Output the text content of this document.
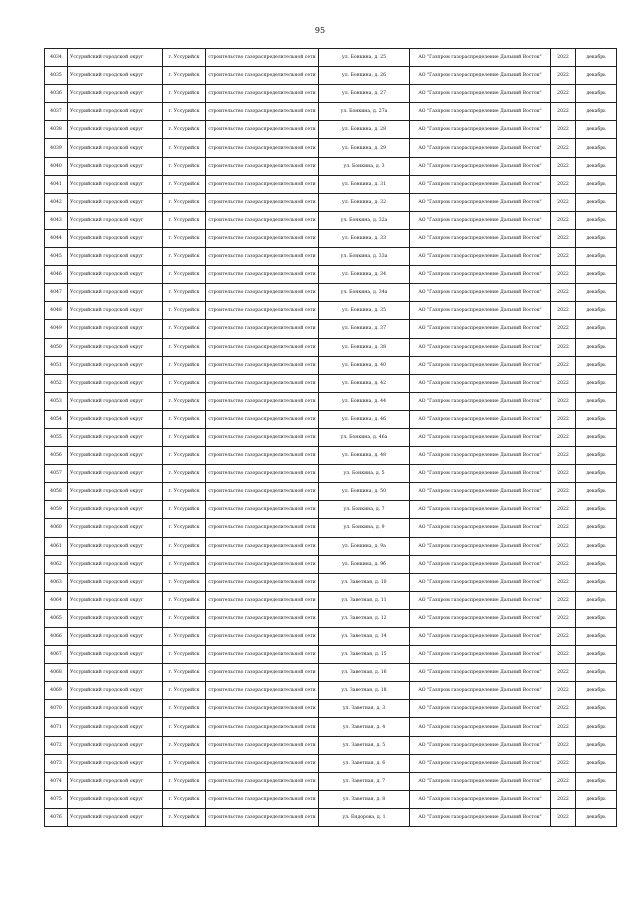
95
4034	Уссурийский городской округ	г. Уссурийск	строительство газораспределительной сети	ул. Бонкина, д. 25	АО "Газпром газораспределение Дальний Восток"	2022	декабрь
4035	Уссурийский городской округ	г. Уссурийск	строительство газораспределительной сети	ул. Бонкина, д. 26	АО "Газпром газораспределение Дальний Восток"	2022	декабрь
4036	Уссурийский городской округ	г. Уссурийск	строительство газораспределительной сети	ул. Бонкина, д. 27	АО "Газпром газораспределение Дальний Восток"	2022	декабрь
4037	Уссурийский городской округ	г. Уссурийск	строительство газораспределительной сети	ул. Бонкина, д. 27а	АО "Газпром газораспределение Дальний Восток"	2022	декабрь
4038	Уссурийский городской округ	г. Уссурийск	строительство газораспределительной сети	ул. Бонкина, д. 28	АО "Газпром газораспределение Дальний Восток"	2022	декабрь
4039	Уссурийский городской округ	г. Уссурийск	строительство газораспределительной сети	ул. Бонкина, д. 29	АО "Газпром газораспределение Дальний Восток"	2022	декабрь
4040	Уссурийский городской округ	г. Уссурийск	строительство газораспределительной сети	ул. Бонкина, д. 3	АО "Газпром газораспределение Дальний Восток"	2022	декабрь
4041	Уссурийский городской округ	г. Уссурийск	строительство газораспределительной сети	ул. Бонкина, д. 31	АО "Газпром газораспределение Дальний Восток"	2022	декабрь
4042	Уссурийский городской округ	г. Уссурийск	строительство газораспределительной сети	ул. Бонкина, д. 32	АО "Газпром газораспределение Дальний Восток"	2022	декабрь
4043	Уссурийский городской округ	г. Уссурийск	строительство газораспределительной сети	ул. Бонкина, д. 32а	АО "Газпром газораспределение Дальний Восток"	2022	декабрь
4044	Уссурийский городской округ	г. Уссурийск	строительство газораспределительной сети	ул. Бонкина, д. 33	АО "Газпром газораспределение Дальний Восток"	2022	декабрь
4045	Уссурийский городской округ	г. Уссурийск	строительство газораспределительной сети	ул. Бонкина, д. 33а	АО "Газпром газораспределение Дальний Восток"	2022	декабрь
4046	Уссурийский городской округ	г. Уссурийск	строительство газораспределительной сети	ул. Бонкина, д. 34	АО "Газпром газораспределение Дальний Восток"	2022	декабрь
4047	Уссурийский городской округ	г. Уссурийск	строительство газораспределительной сети	ул. Бонкина, д. 34а	АО "Газпром газораспределение Дальний Восток"	2022	декабрь
4048	Уссурийский городской округ	г. Уссурийск	строительство газораспределительной сети	ул. Бонкина, д. 35	АО "Газпром газораспределение Дальний Восток"	2022	декабрь
4049	Уссурийский городской округ	г. Уссурийск	строительство газораспределительной сети	ул. Бонкина, д. 37	АО "Газпром газораспределение Дальний Восток"	2022	декабрь
4050	Уссурийский городской округ	г. Уссурийск	строительство газораспределительной сети	ул. Бонкина, д. 38	АО "Газпром газораспределение Дальний Восток"	2022	декабрь
4051	Уссурийский городской округ	г. Уссурийск	строительство газораспределительной сети	ул. Бонкина, д. 40	АО "Газпром газораспределение Дальний Восток"	2022	декабрь
4052	Уссурийский городской округ	г. Уссурийск	строительство газораспределительной сети	ул. Бонкина, д. 42	АО "Газпром газораспределение Дальний Восток"	2022	декабрь
4053	Уссурийский городской округ	г. Уссурийск	строительство газораспределительной сети	ул. Бонкина, д. 44	АО "Газпром газораспределение Дальний Восток"	2022	декабрь
4054	Уссурийский городской округ	г. Уссурийск	строительство газораспределительной сети	ул. Бонкина, д. 46	АО "Газпром газораспределение Дальний Восток"	2022	декабрь
4055	Уссурийский городской округ	г. Уссурийск	строительство газораспределительной сети	ул. Бонкина, д. 46а	АО "Газпром газораспределение Дальний Восток"	2022	декабрь
4056	Уссурийский городской округ	г. Уссурийск	строительство газораспределительной сети	ул. Бонкина, д. 48	АО "Газпром газораспределение Дальний Восток"	2022	декабрь
4057	Уссурийский городской округ	г. Уссурийск	строительство газораспределительной сети	ул. Бонкина, д. 5	АО "Газпром газораспределение Дальний Восток"	2022	декабрь
4058	Уссурийский городской округ	г. Уссурийск	строительство газораспределительной сети	ул. Бонкина, д. 50	АО "Газпром газораспределение Дальний Восток"	2022	декабрь
4059	Уссурийский городской округ	г. Уссурийск	строительство газораспределительной сети	ул. Бонкина, д. 7	АО "Газпром газораспределение Дальний Восток"	2022	декабрь
4060	Уссурийский городской округ	г. Уссурийск	строительство газораспределительной сети	ул. Бонкина, д. 9	АО "Газпром газораспределение Дальний Восток"	2022	декабрь
4061	Уссурийский городской округ	г. Уссурийск	строительство газораспределительной сети	ул. Бонкина, д. 9а	АО "Газпром газораспределение Дальний Восток"	2022	декабрь
4062	Уссурийский городской округ	г. Уссурийск	строительство газораспределительной сети	ул. Бонкина, д. 9б	АО "Газпром газораспределение Дальний Восток"	2022	декабрь
4063	Уссурийский городской округ	г. Уссурийск	строительство газораспределительной сети	ул. Заветная, д. 10	АО "Газпром газораспределение Дальний Восток"	2022	декабрь
4064	Уссурийский городской округ	г. Уссурийск	строительство газораспределительной сети	ул. Заветная, д. 11	АО "Газпром газораспределение Дальний Восток"	2022	декабрь
4065	Уссурийский городской округ	г. Уссурийск	строительство газораспределительной сети	ул. Заветная, д. 12	АО "Газпром газораспределение Дальний Восток"	2022	декабрь
4066	Уссурийский городской округ	г. Уссурийск	строительство газораспределительной сети	ул. Заветная, д. 14	АО "Газпром газораспределение Дальний Восток"	2022	декабрь
4067	Уссурийский городской округ	г. Уссурийск	строительство газораспределительной сети	ул. Заветная, д. 15	АО "Газпром газораспределение Дальний Восток"	2022	декабрь
4068	Уссурийский городской округ	г. Уссурийск	строительство газораспределительной сети	ул. Заветная, д. 16	АО "Газпром газораспределение Дальний Восток"	2022	декабрь
4069	Уссурийский городской округ	г. Уссурийск	строительство газораспределительной сети	ул. Заветная, д. 18	АО "Газпром газораспределение Дальний Восток"	2022	декабрь
4070	Уссурийский городской округ	г. Уссурийск	строительство газораспределительной сети	ул. Заветная, д. 3	АО "Газпром газораспределение Дальний Восток"	2022	декабрь
4071	Уссурийский городской округ	г. Уссурийск	строительство газораспределительной сети	ул. Заветная, д. 4	АО "Газпром газораспределение Дальний Восток"	2022	декабрь
4072	Уссурийский городской округ	г. Уссурийск	строительство газораспределительной сети	ул. Заветная, д. 5	АО "Газпром газораспределение Дальний Восток"	2022	декабрь
4073	Уссурийский городской округ	г. Уссурийск	строительство газораспределительной сети	ул. Заветная, д. 6	АО "Газпром газораспределение Дальний Восток"	2022	декабрь
4074	Уссурийский городской округ	г. Уссурийск	строительство газораспределительной сети	ул. Заветная, д. 7	АО "Газпром газораспределение Дальний Восток"	2022	декабрь
4075	Уссурийский городской округ	г. Уссурийск	строительство газораспределительной сети	ул. Заветная, д. 8	АО "Газпром газораспределение Дальний Восток"	2022	декабрь
4076	Уссурийский городской округ	г. Уссурийск	строительство газораспределительной сети	ул. Ендорова, д. 1	АО "Газпром газораспределение Дальний Восток"	2022	декабрь
